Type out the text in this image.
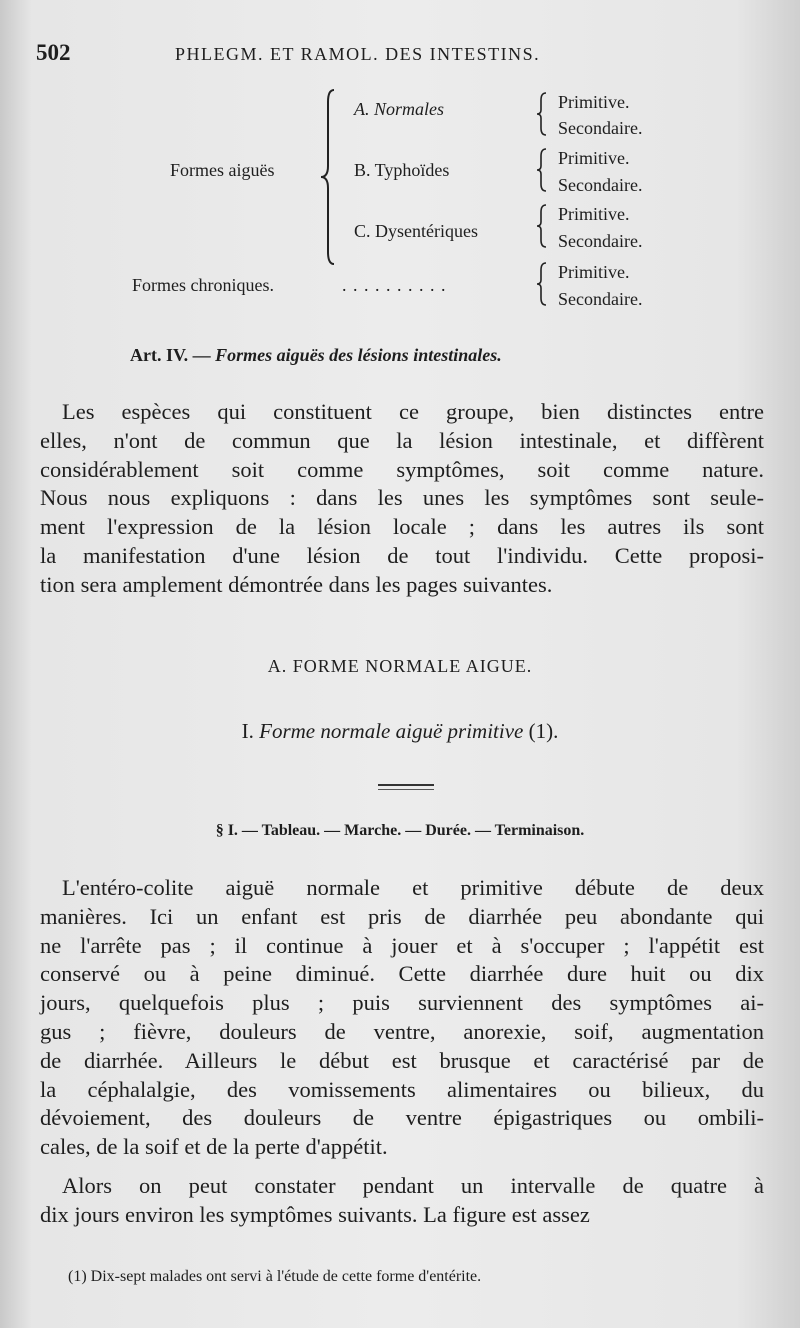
502	PHLEGM. ET RAMOL. DES INTESTINS.
Formes aiguës
A. Normales
B. Typhoïdes
C. Dysentériques
Primitive.
Secondaire.
Primitive.
Secondaire.
Primitive.
Secondaire.
Formes chroniques.	. . . . . . . . . .
Primitive.
Secondaire.
Art. IV. — Formes aiguës des lésions intestinales.
Les espèces qui constituent ce groupe, bien distinctes entre
elles, n'ont de commun que la lésion intestinale, et diffèrent
considérablement soit comme symptômes, soit comme nature.
Nous nous expliquons : dans les unes les symptômes sont seule-
ment l'expression de la lésion locale ; dans les autres ils sont
la manifestation d'une lésion de tout l'individu. Cette proposi-
tion sera amplement démontrée dans les pages suivantes.
A. FORME NORMALE AIGUE.
I. Forme normale aiguë primitive (1).
§ I. — Tableau. — Marche. — Durée. — Terminaison.
L'entéro-colite aiguë normale et primitive débute de deux
manières. Ici un enfant est pris de diarrhée peu abondante qui
ne l'arrête pas ; il continue à jouer et à s'occuper ; l'appétit est
conservé ou à peine diminué. Cette diarrhée dure huit ou dix
jours, quelquefois plus ; puis surviennent des symptômes ai-
gus ; fièvre, douleurs de ventre, anorexie, soif, augmentation
de diarrhée. Ailleurs le début est brusque et caractérisé par de
la céphalalgie, des vomissements alimentaires ou bilieux, du
dévoiement, des douleurs de ventre épigastriques ou ombili-
cales, de la soif et de la perte d'appétit.
Alors on peut constater pendant un intervalle de quatre à
dix jours environ les symptômes suivants. La figure est assez
(1) Dix-sept malades ont servi à l'étude de cette forme d'entérite.
